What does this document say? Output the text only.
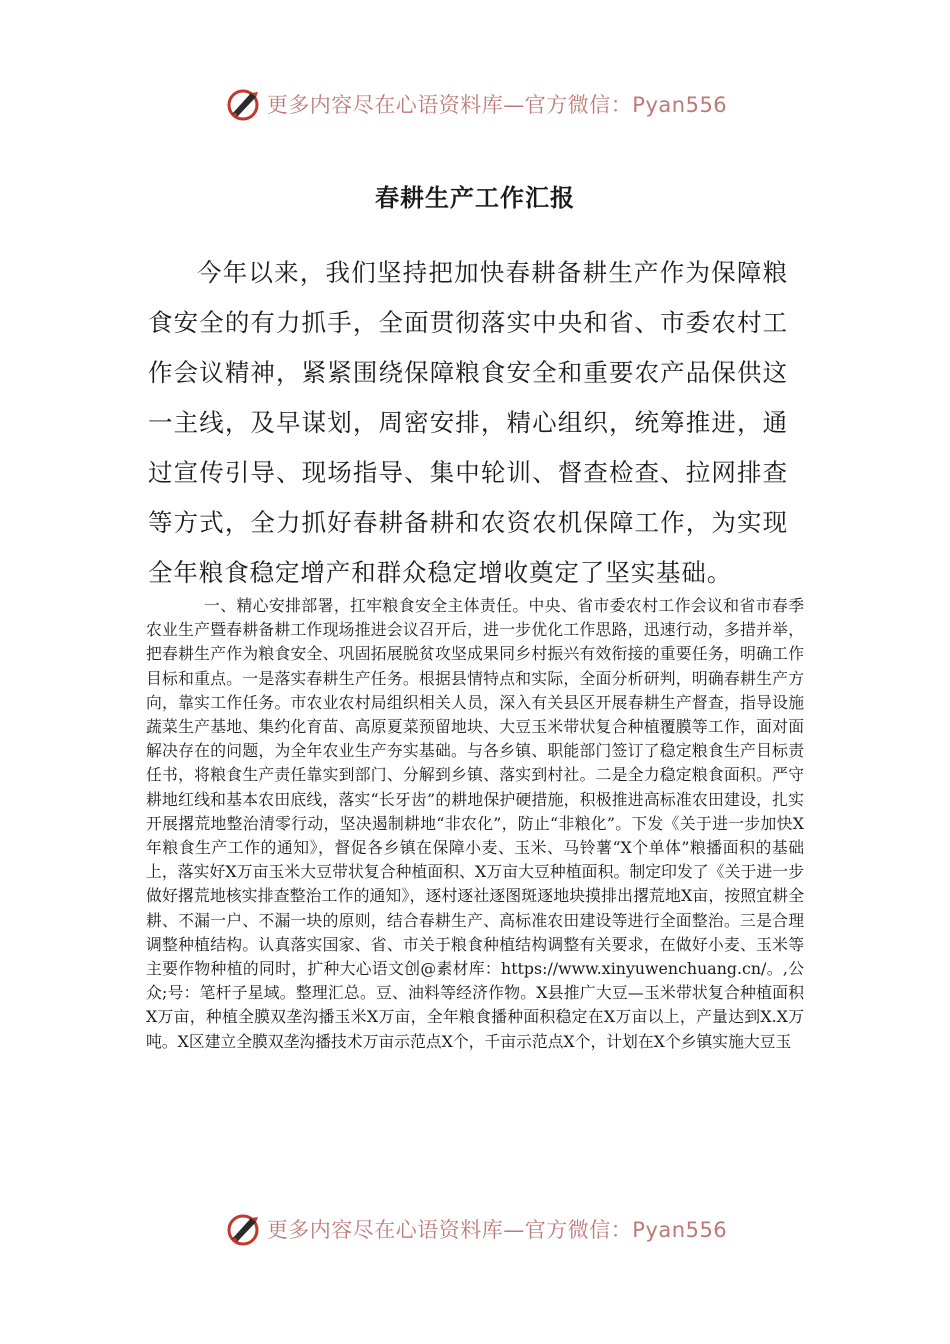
更多内容尽在心语资料库—官方微信：Pyan556
春耕生产工作汇报

今年以来，我们坚持把加快春耕备耕生产作为保障粮食安全的有力抓手，全面贯彻落实中央和省、市委农村工作会议精神，紧紧围绕保障粮食安全和重要农产品保供这一主线，及早谋划，周密安排，精心组织，统筹推进，通过宣传引导、现场指导、集中轮训、督查检查、拉网排查等方式，全力抓好春耕备耕和农资农机保障工作，为实现全年粮食稳定增产和群众稳定增收奠定了坚实基础。

一、精心安排部署，扛牢粮食安全主体责任。中央、省市委农村工作会议和省市春季农业生产暨春耕备耕工作现场推进会议召开后，进一步优化工作思路，迅速行动，多措并举，把春耕生产作为粮食安全、巩固拓展脱贫攻坚成果同乡村振兴有效衔接的重要任务，明确工作目标和重点。一是落实春耕生产任务。根据县情特点和实际，全面分析研判，明确春耕生产方向，靠实工作任务。市农业农村局组织相关人员，深入有关县区开展春耕生产督查，指导设施蔬菜生产基地、集约化育苗、高原夏菜预留地块、大豆玉米带状复合种植覆膜等工作，面对面解决存在的问题，为全年农业生产夯实基础。与各乡镇、职能部门签订了稳定粮食生产目标责任书，将粮食生产责任靠实到部门、分解到乡镇、落实到村社。二是全力稳定粮食面积。严守耕地红线和基本农田底线，落实“长牙齿”的耕地保护硬措施，积极推进高标准农田建设，扎实开展撂荒地整治清零行动，坚决遏制耕地“非农化”，防止“非粮化”。下发《关于进一步加快X年粮食生产工作的通知》，督促各乡镇在保障小麦、玉米、马铃薯“X个单体”粮播面积的基础上，落实好X万亩玉米大豆带状复合种植面积、X万亩大豆种植面积。制定印发了《关于进一步做好撂荒地核实排查整治工作的通知》，逐村逐社逐图斑逐地块摸排出撂荒地X亩，按照宜耕全耕、不漏一户、不漏一块的原则，结合春耕生产、高标准农田建设等进行全面整治。三是合理调整种植结构。认真落实国家、省、市关于粮食种植结构调整有关要求，在做好小麦、玉米等主要作物种植的同时，扩种大心语文创@素材库：https://www.xinyuwenchuang.cn/。,公众;号：笔杆子星域。整理汇总。豆、油料等经济作物。X县推广大豆—玉米带状复合种植面积X万亩，种植全膜双垄沟播玉米X万亩，全年粮食播种面积稳定在X万亩以上，产量达到X.X万吨。X区建立全膜双垄沟播技术万亩示范点X个，千亩示范点X个，计划在X个乡镇实施大豆玉

更多内容尽在心语资料库—官方微信：Pyan556
